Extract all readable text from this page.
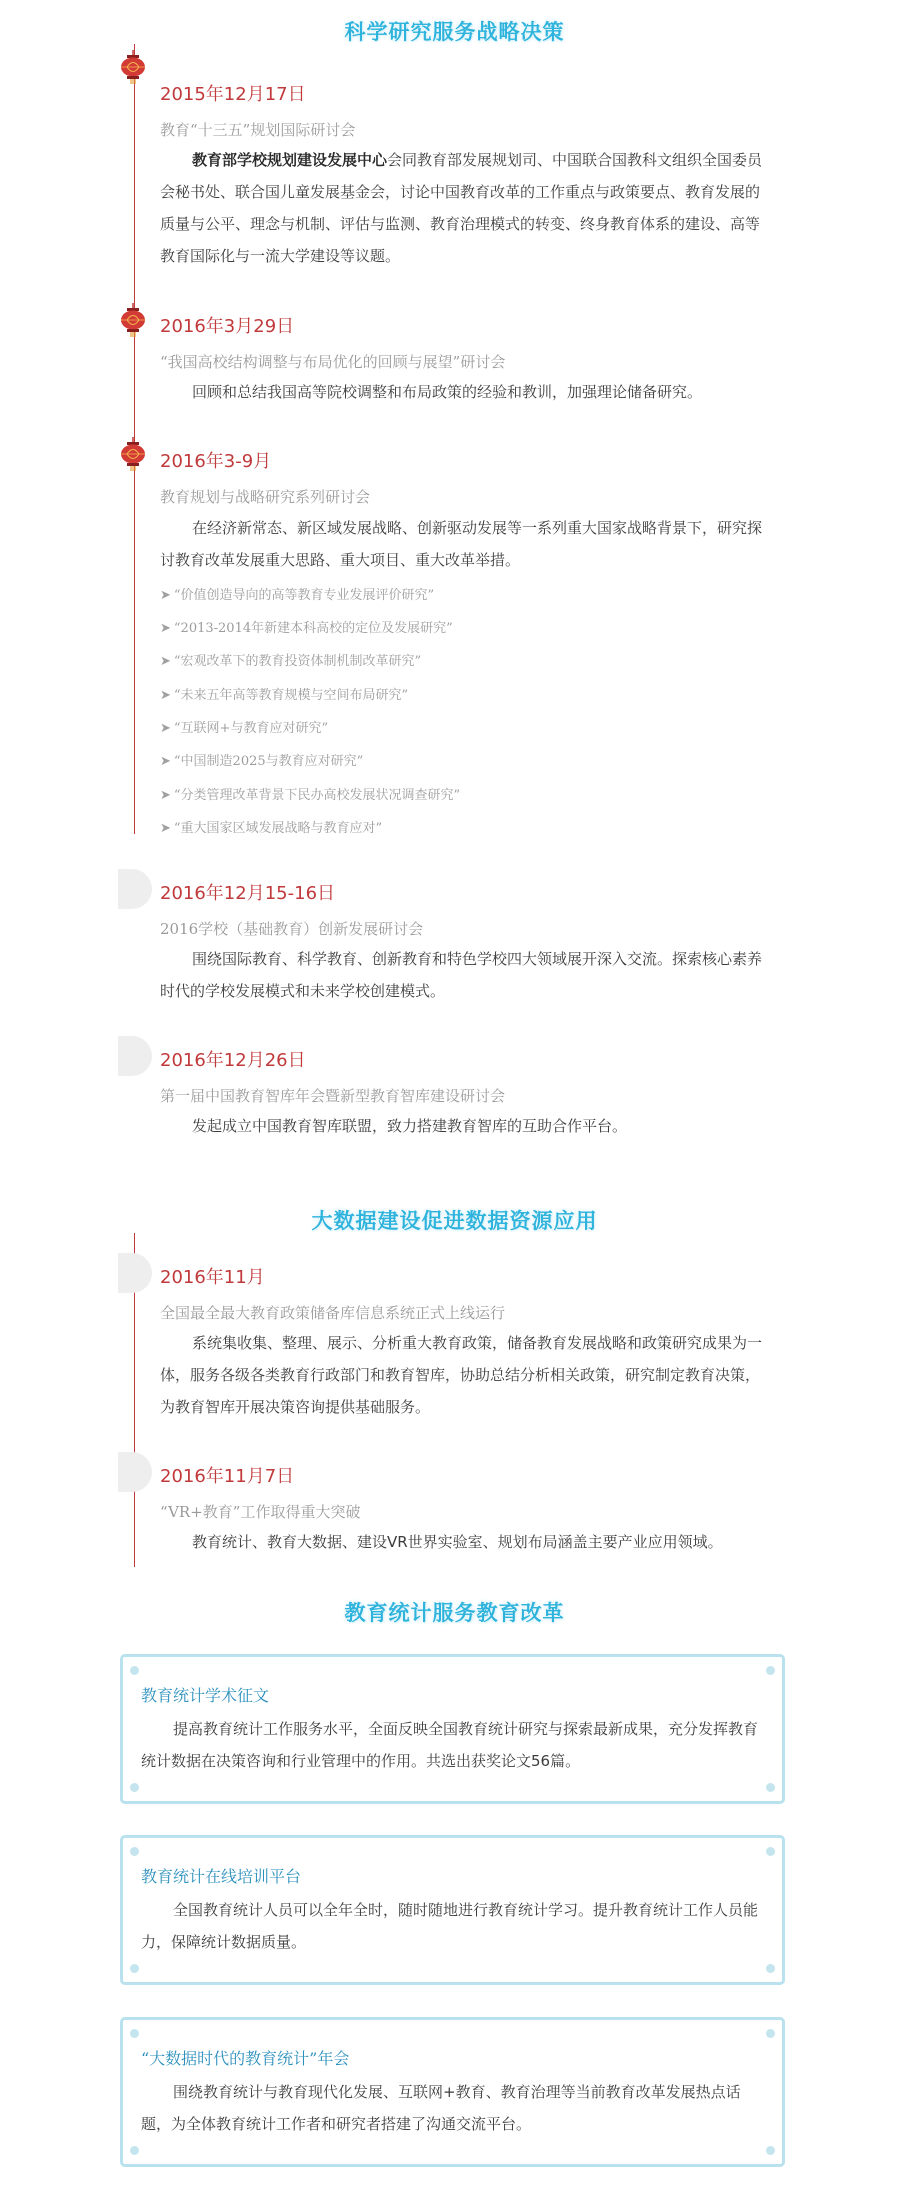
科学研究服务战略决策
2015年12月17日
教育“十三五”规划国际研讨会

教育部学校规划建设发展中心会同教育部发展规划司、中国联合国教科文组织全国委员会秘书处、联合国儿童发展基金会，讨论中国教育改革的工作重点与政策要点、教育发展的质量与公平、理念与机制、评估与监测、教育治理模式的转变、终身教育体系的建设、高等教育国际化与一流大学建设等议题。

2016年3月29日
“我国高校结构调整与布局优化的回顾与展望”研讨会

回顾和总结我国高等院校调整和布局政策的经验和教训，加强理论储备研究。

2016年3-9月
教育规划与战略研究系列研讨会

在经济新常态、新区域发展战略、创新驱动发展等一系列重大国家战略背景下，研究探讨教育改革发展重大思路、重大项目、重大改革举措。

➤ “价值创造导向的高等教育专业发展评价研究”
➤ “2013-2014年新建本科高校的定位及发展研究”
➤ “宏观改革下的教育投资体制机制改革研究”
➤ “未来五年高等教育规模与空间布局研究”
➤ “互联网+与教育应对研究”
➤ “中国制造2025与教育应对研究”
➤ “分类管理改革背景下民办高校发展状况调查研究”
➤ “重大国家区域发展战略与教育应对”
2016年12月15-16日
2016学校（基础教育）创新发展研讨会

围绕国际教育、科学教育、创新教育和特色学校四大领域展开深入交流。探索核心素养时代的学校发展模式和未来学校创建模式。

2016年12月26日
第一届中国教育智库年会暨新型教育智库建设研讨会

发起成立中国教育智库联盟，致力搭建教育智库的互助合作平台。

大数据建设促进数据资源应用
2016年11月
全国最全最大教育政策储备库信息系统正式上线运行

系统集收集、整理、展示、分析重大教育政策，储备教育发展战略和政策研究成果为一体，服务各级各类教育行政部门和教育智库，协助总结分析相关政策，研究制定教育决策，为教育智库开展决策咨询提供基础服务。

2016年11月7日
“VR+教育”工作取得重大突破

教育统计、教育大数据、建设VR世界实验室、规划布局涵盖主要产业应用领域。

教育统计服务教育改革
教育统计学术征文

提高教育统计工作服务水平，全面反映全国教育统计研究与探索最新成果，充分发挥教育统计数据在决策咨询和行业管理中的作用。共选出获奖论文56篇。

教育统计在线培训平台

全国教育统计人员可以全年全时，随时随地进行教育统计学习。提升教育统计工作人员能力，保障统计数据质量。

“大数据时代的教育统计”年会

围绕教育统计与教育现代化发展、互联网+教育、教育治理等当前教育改革发展热点话题，为全体教育统计工作者和研究者搭建了沟通交流平台。
